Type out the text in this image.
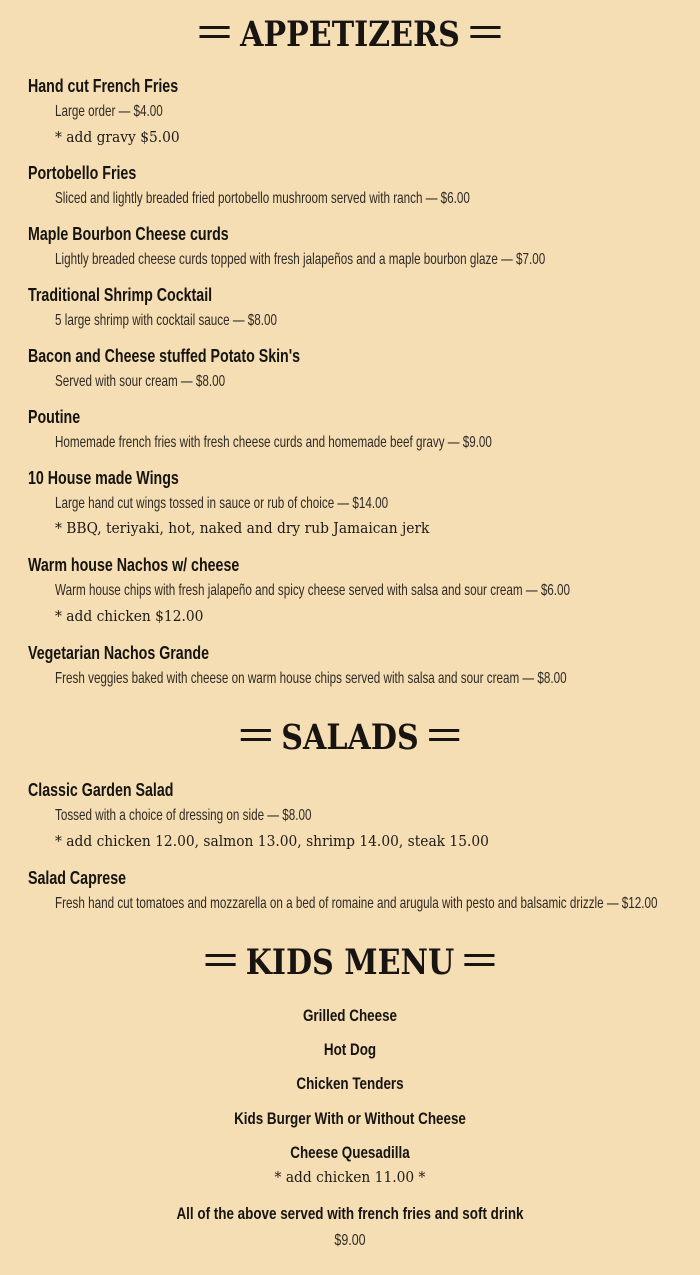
APPETIZERS
Hand cut French Fries
Large order — $4.00
* add gravy $5.00
Portobello Fries
Sliced and lightly breaded fried portobello mushroom served with ranch — $6.00
Maple Bourbon Cheese curds
Lightly breaded cheese curds topped with fresh jalapeños and a maple bourbon glaze — $7.00
Traditional Shrimp Cocktail
5 large shrimp with cocktail sauce — $8.00
Bacon and Cheese stuffed Potato Skin's
Served with sour cream — $8.00
Poutine
Homemade french fries with fresh cheese curds and homemade beef gravy — $9.00
10 House made Wings
Large hand cut wings tossed in sauce or rub of choice — $14.00
* BBQ, teriyaki, hot, naked and dry rub Jamaican jerk
Warm house Nachos w/ cheese
Warm house chips with fresh jalapeño and spicy cheese served with salsa and sour cream — $6.00
* add chicken $12.00
Vegetarian Nachos Grande
Fresh veggies baked with cheese on warm house chips served with salsa and sour cream — $8.00
SALADS
Classic Garden Salad
Tossed with a choice of dressing on side — $8.00
* add chicken 12.00, salmon 13.00, shrimp 14.00, steak 15.00
Salad Caprese
Fresh hand cut tomatoes and mozzarella on a bed of romaine and arugula with pesto and balsamic drizzle — $12.00
KIDS MENU
Grilled Cheese
Hot Dog
Chicken Tenders
Kids Burger With or Without Cheese
Cheese Quesadilla
* add chicken 11.00 *
All of the above served with french fries and soft drink
$9.00
